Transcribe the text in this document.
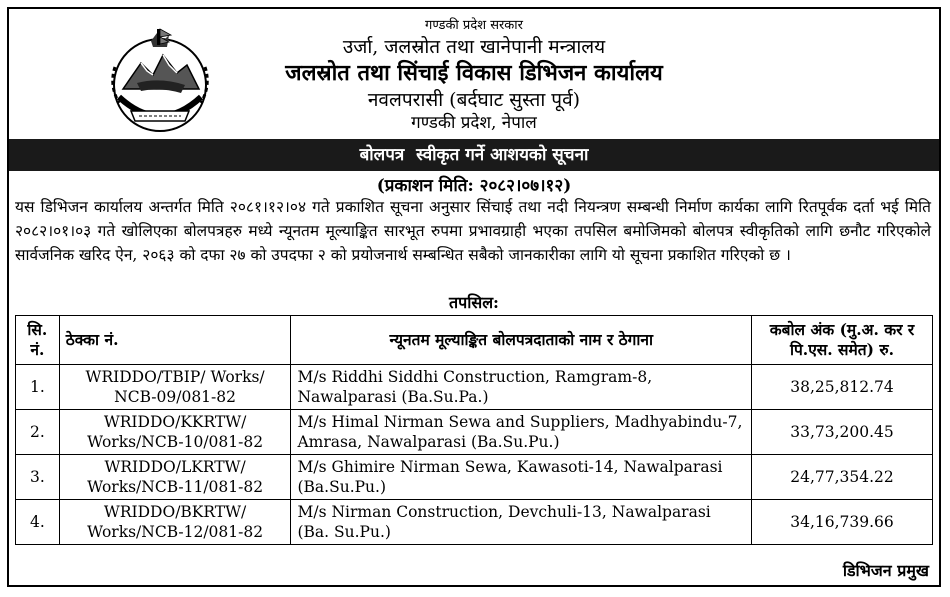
गण्डकी प्रदेश सरकार
उर्जा, जलस्रोत तथा खानेपानी मन्त्रालय
जलस्रोत तथा सिंचाई विकास डिभिजन कार्यालय
नवलपरासी (बर्दघाट सुस्ता पूर्व)
गण्डकी प्रदेश, नेपाल
बोलपत्र  स्वीकृत गर्ने आशयको सूचना
(प्रकाशन मिति: २०८२।०७।१२)
यस डिभिजन कार्यालय अन्तर्गत मिति २०८१।१२।०४ गते प्रकाशित सूचना अनुसार सिंचाई तथा नदी नियन्त्रण सम्बन्धी निर्माण कार्यका लागि रितपूर्वक दर्ता भई मिति २०८२।०१।०३ गते खोलिएका बोलपत्रहरु मध्ये न्यूनतम मूल्याङ्कित सारभूत रुपमा प्रभावग्राही भएका तपसिल बमोजिमको बोलपत्र स्वीकृतिको लागि छनौट गरिएकोले सार्वजनिक खरिद ऐन, २०६३ को दफा २७ को उपदफा २ को प्रयोजनार्थ सम्बन्धित सबैको जानकारीका लागि यो सूचना प्रकाशित गरिएको छ ।
तपसिल:
सि. नं.	ठेक्का नं.	न्यूनतम मूल्याङ्कित बोलपत्रदाताको नाम र ठेगाना	कबोल अंक (मु.अ. कर र पि.एस. समेत) रु.
1.	WRIDDO/TBIP/ Works/ NCB-09/081-82	M/s Riddhi Siddhi Construction, Ramgram-8, Nawalparasi (Ba.Su.Pa.)	38,25,812.74
2.	WRIDDO/KKRTW/ Works/NCB-10/081-82	M/s Himal Nirman Sewa and Suppliers, Madhyabindu-7, Amrasa, Nawalparasi (Ba.Su.Pu.)	33,73,200.45
3.	WRIDDO/LKRTW/ Works/NCB-11/081-82	M/s Ghimire Nirman Sewa, Kawasoti-14, Nawalparasi (Ba.Su.Pu.)	24,77,354.22
4.	WRIDDO/BKRTW/ Works/NCB-12/081-82	M/s Nirman Construction, Devchuli-13, Nawalparasi (Ba. Su.Pu.)	34,16,739.66
डिभिजन प्रमुख
